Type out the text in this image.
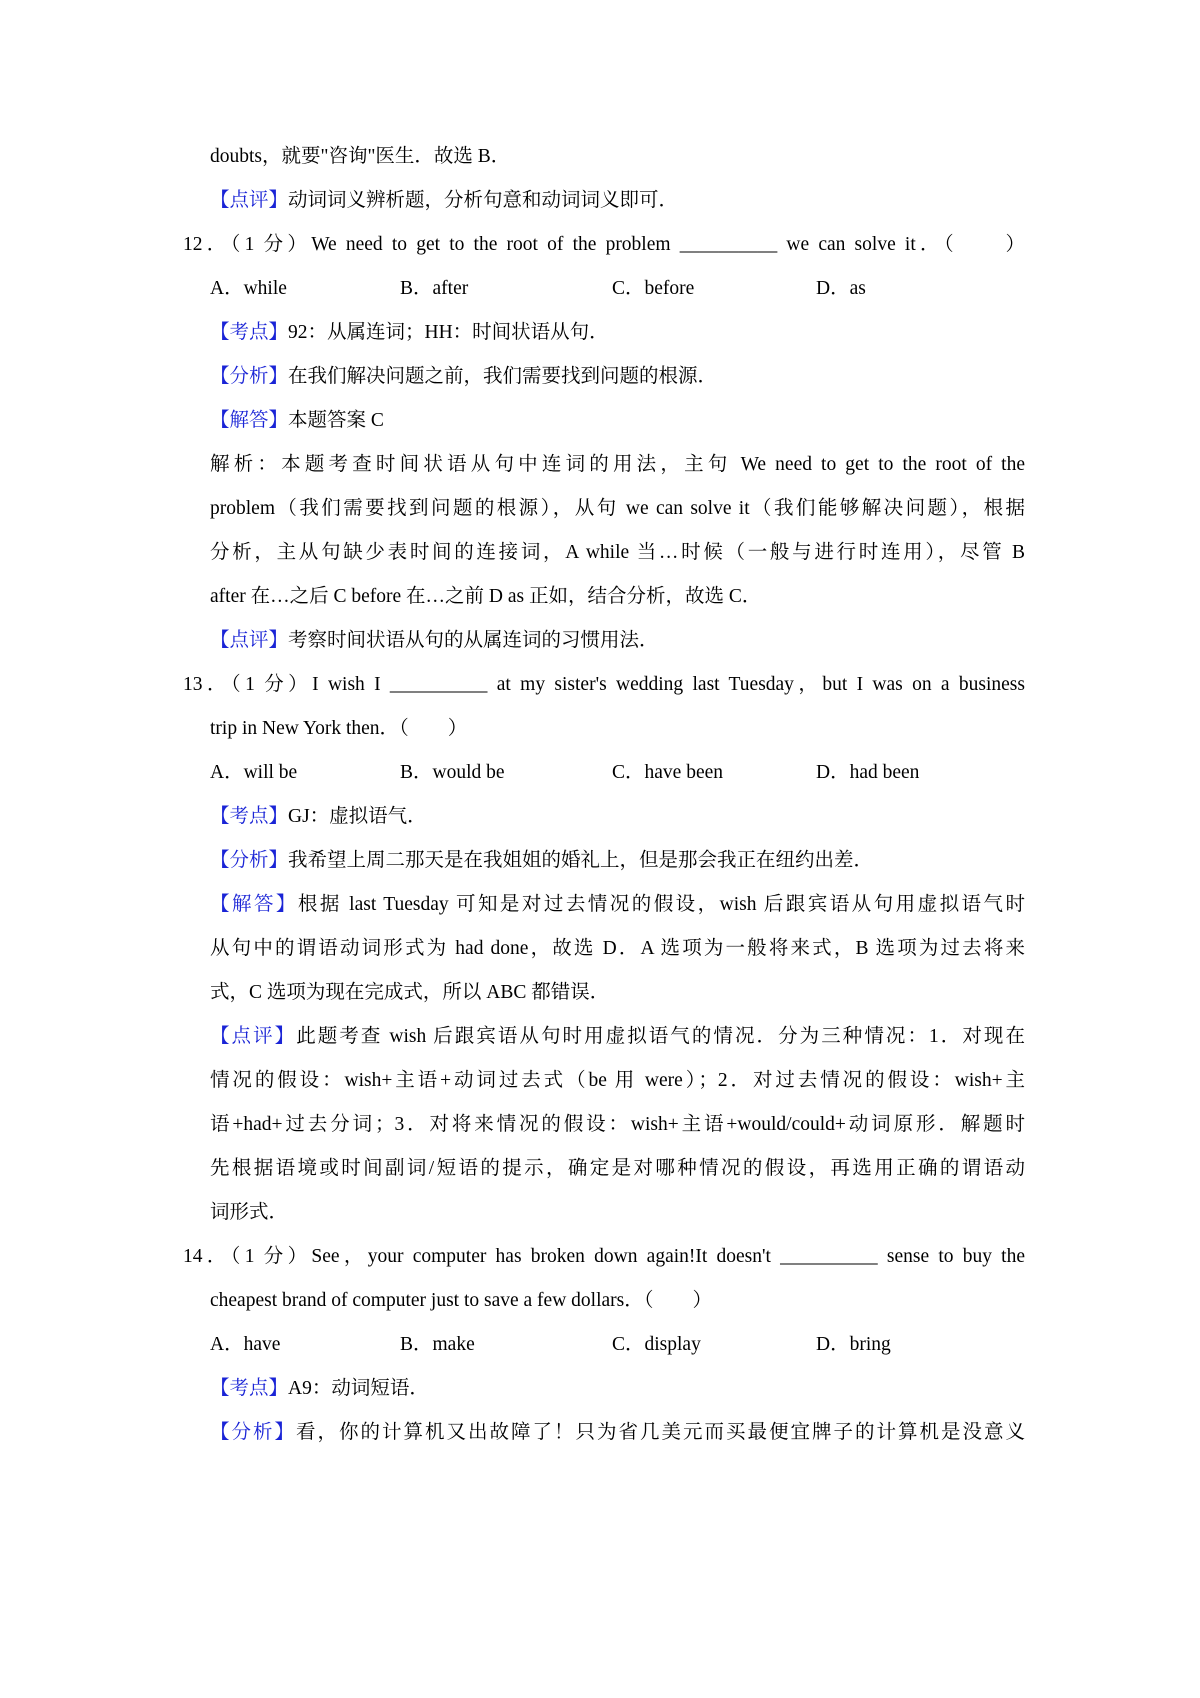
doubts，就要"咨询"医生．故选 B．
【点评】动词词义辨析题，分析句意和动词词义即可．
12．（1 分）We need to get to the root of the problem __________ we can solve it．（　　）
A．while	B．after	C．before	D．as
【考点】92：从属连词；HH：时间状语从句．
【分析】在我们解决问题之前，我们需要找到问题的根源．
【解答】本题答案 C
解析：本题考查时间状语从句中连词的用法，主句 We need to get to the root of the
problem（我们需要找到问题的根源），从句 we can solve it（我们能够解决问题），根据
分析，主从句缺少表时间的连接词，A while 当…时候（一般与进行时连用），尽管 B
after 在…之后 C before 在…之前 D as 正如，结合分析，故选 C．
【点评】考察时间状语从句的从属连词的习惯用法．
13．（1 分）I wish I __________ at my sister's wedding last Tuesday，but I was on a business
trip in New York then．（　　）
A．will be	B．would be	C．have been	D．had been
【考点】GJ：虚拟语气．
【分析】我希望上周二那天是在我姐姐的婚礼上，但是那会我正在纽约出差．
【解答】根据 last Tuesday 可知是对过去情况的假设，wish 后跟宾语从句用虚拟语气时
从句中的谓语动词形式为 had done，故选 D．A 选项为一般将来式，B 选项为过去将来
式，C 选项为现在完成式，所以 ABC 都错误．
【点评】此题考查 wish 后跟宾语从句时用虚拟语气的情况．分为三种情况：1．对现在
情况的假设：wish+主语+动词过去式（be 用 were）；2．对过去情况的假设：wish+主
语+had+过去分词；3．对将来情况的假设：wish+主语+would/could+动词原形．解题时
先根据语境或时间副词/短语的提示，确定是对哪种情况的假设，再选用正确的谓语动
词形式．
14．（1 分）See，your computer has broken down again!It doesn't __________ sense to buy the
cheapest brand of computer just to save a few dollars．（　　）
A．have	B．make	C．display	D．bring
【考点】A9：动词短语．
【分析】看，你的计算机又出故障了！只为省几美元而买最便宜牌子的计算机是没意义
